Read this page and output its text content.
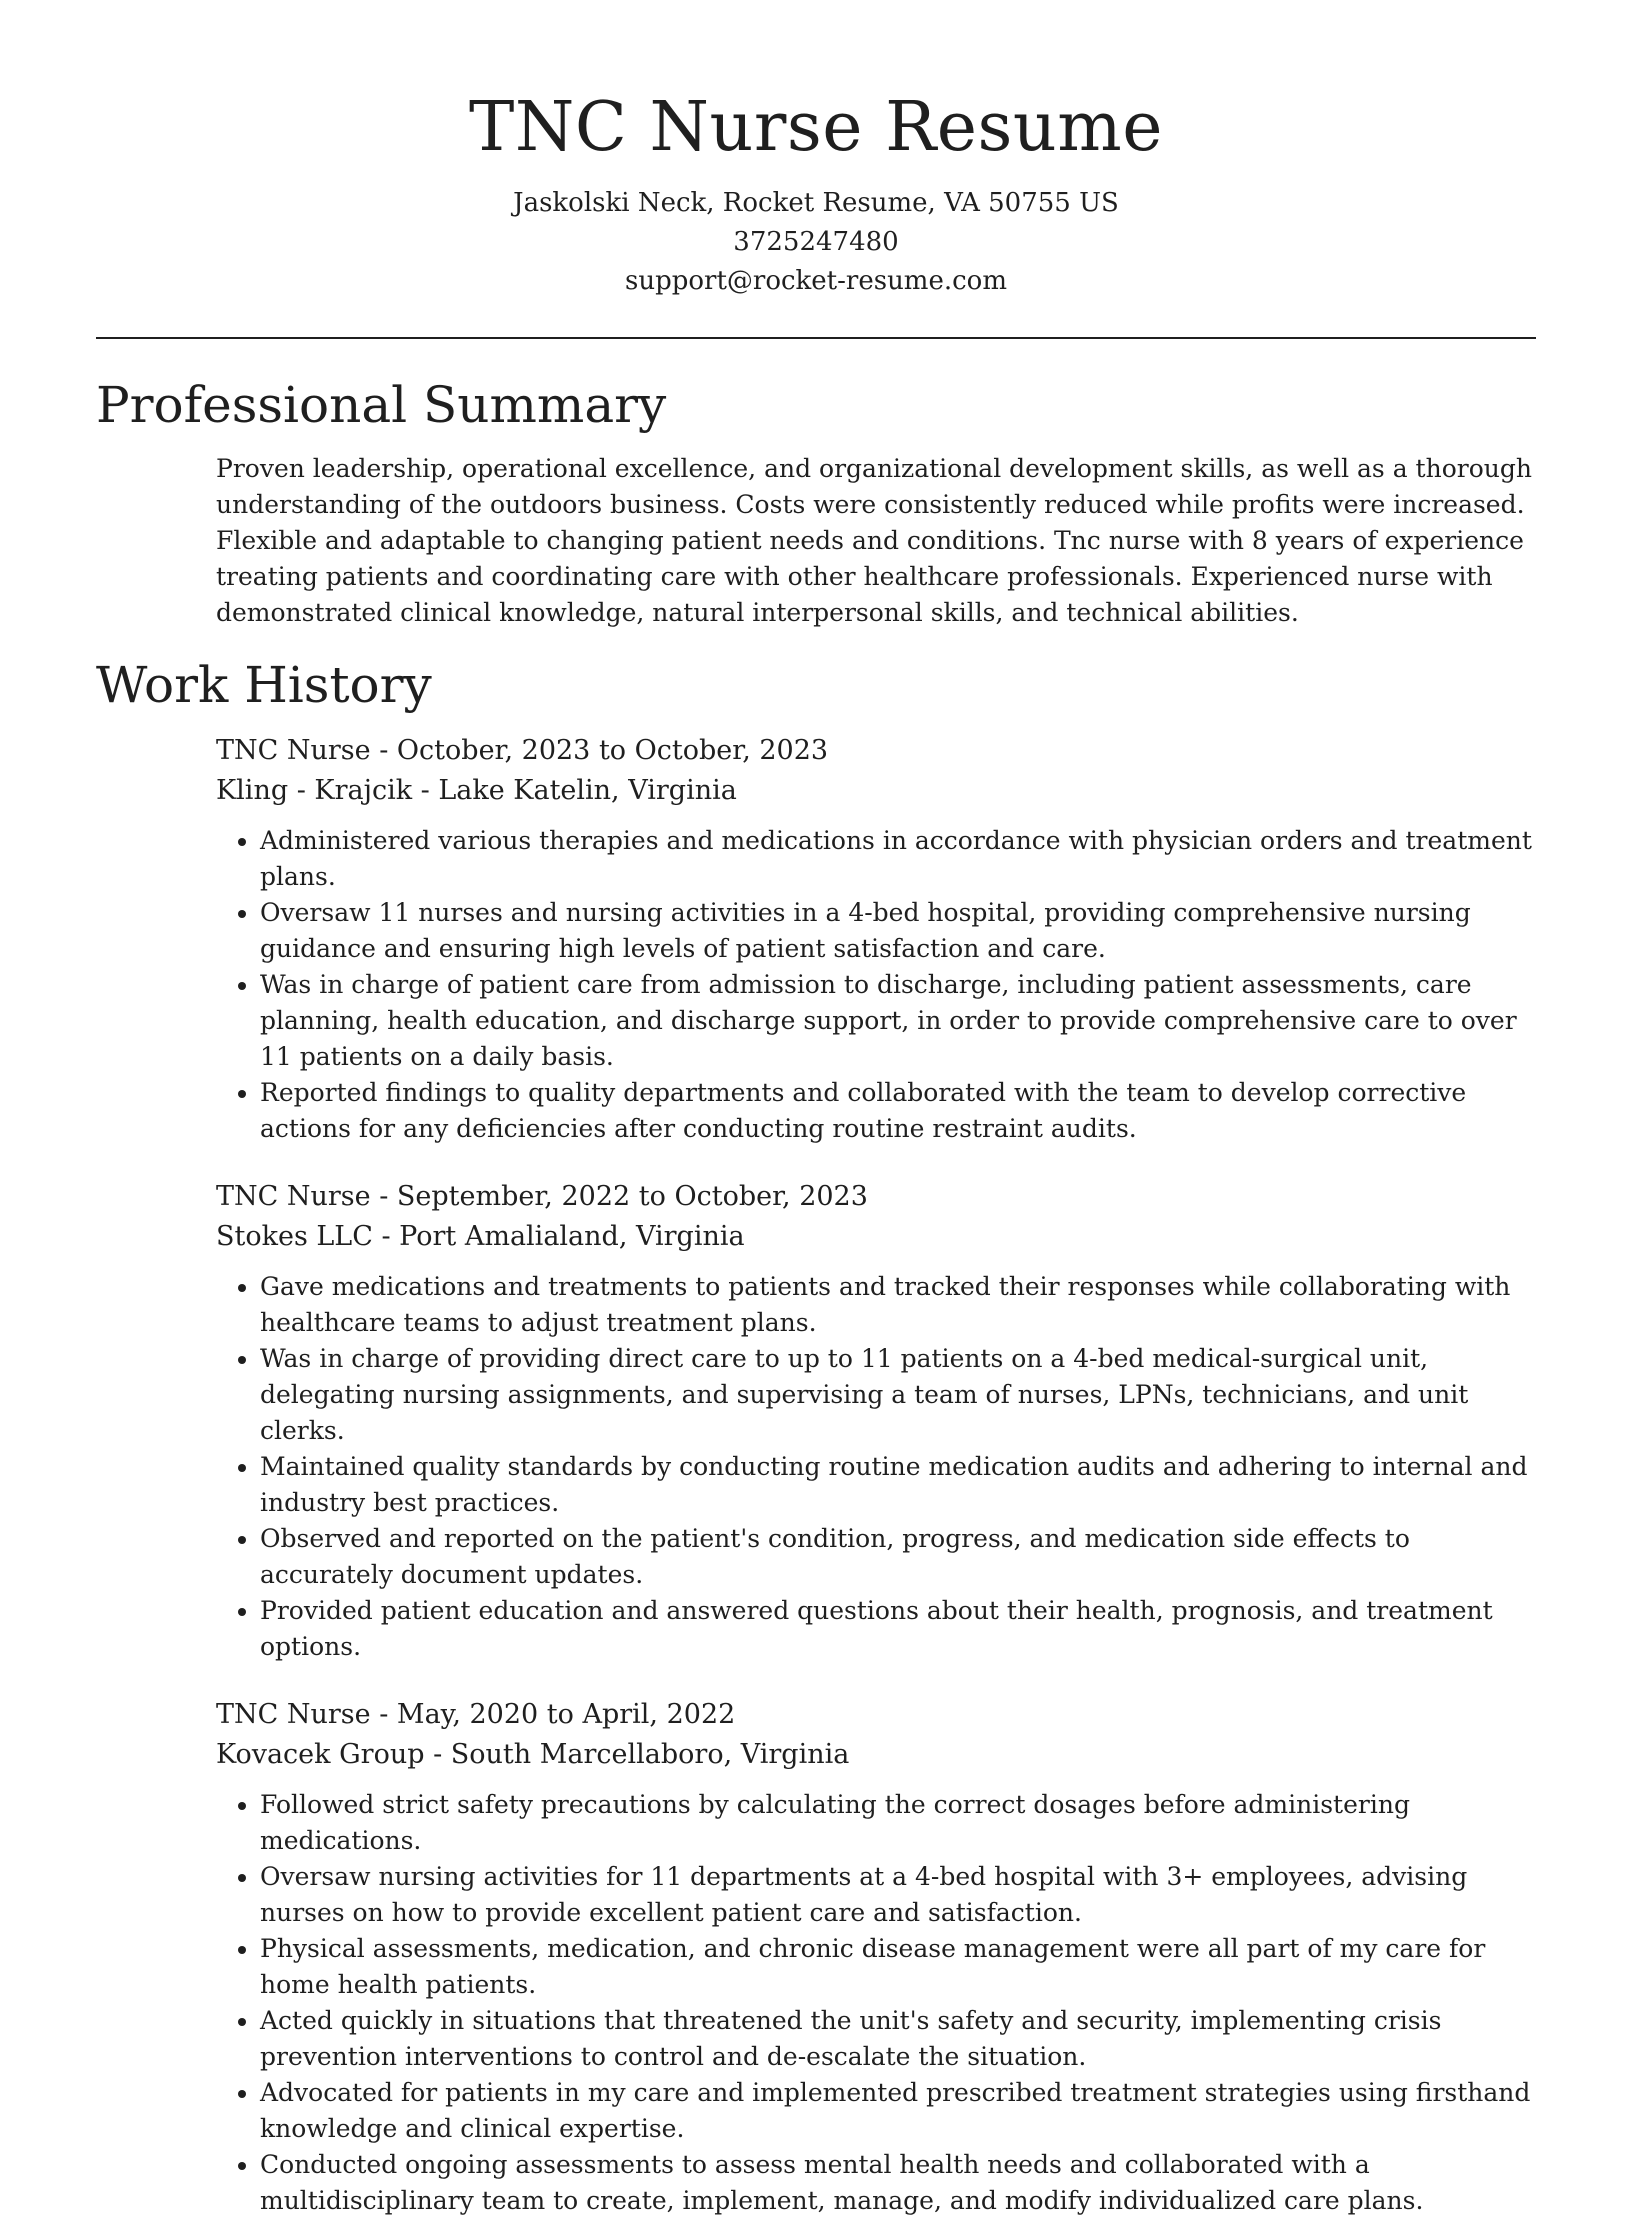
TNC Nurse Resume
Jaskolski Neck, Rocket Resume, VA 50755 US
3725247480
support@rocket-resume.com
Professional Summary

Proven leadership, operational excellence, and organizational development skills, as well as a thorough understanding of the outdoors business. Costs were consistently reduced while profits were increased. Flexible and adaptable to changing patient needs and conditions. Tnc nurse with 8 years of experience treating patients and coordinating care with other healthcare professionals. Experienced nurse with demonstrated clinical knowledge, natural interpersonal skills, and technical abilities.

Work History
TNC Nurse - October, 2023 to October, 2023
Kling - Krajcik - Lake Katelin, Virginia
• Administered various therapies and medications in accordance with physician orders and treatment plans.
• Oversaw 11 nurses and nursing activities in a 4-bed hospital, providing comprehensive nursing guidance and ensuring high levels of patient satisfaction and care.
• Was in charge of patient care from admission to discharge, including patient assessments, care planning, health education, and discharge support, in order to provide comprehensive care to over 11 patients on a daily basis.
• Reported findings to quality departments and collaborated with the team to develop corrective actions for any deficiencies after conducting routine restraint audits.
TNC Nurse - September, 2022 to October, 2023
Stokes LLC - Port Amalialand, Virginia
• Gave medications and treatments to patients and tracked their responses while collaborating with healthcare teams to adjust treatment plans.
• Was in charge of providing direct care to up to 11 patients on a 4-bed medical-surgical unit, delegating nursing assignments, and supervising a team of nurses, LPNs, technicians, and unit clerks.
• Maintained quality standards by conducting routine medication audits and adhering to internal and industry best practices.
• Observed and reported on the patient's condition, progress, and medication side effects to accurately document updates.
• Provided patient education and answered questions about their health, prognosis, and treatment options.
TNC Nurse - May, 2020 to April, 2022
Kovacek Group - South Marcellaboro, Virginia
• Followed strict safety precautions by calculating the correct dosages before administering medications.
• Oversaw nursing activities for 11 departments at a 4-bed hospital with 3+ employees, advising nurses on how to provide excellent patient care and satisfaction.
• Physical assessments, medication, and chronic disease management were all part of my care for home health patients.
• Acted quickly in situations that threatened the unit's safety and security, implementing crisis prevention interventions to control and de-escalate the situation.
• Advocated for patients in my care and implemented prescribed treatment strategies using firsthand knowledge and clinical expertise.
• Conducted ongoing assessments to assess mental health needs and collaborated with a multidisciplinary team to create, implement, manage, and modify individualized care plans.
